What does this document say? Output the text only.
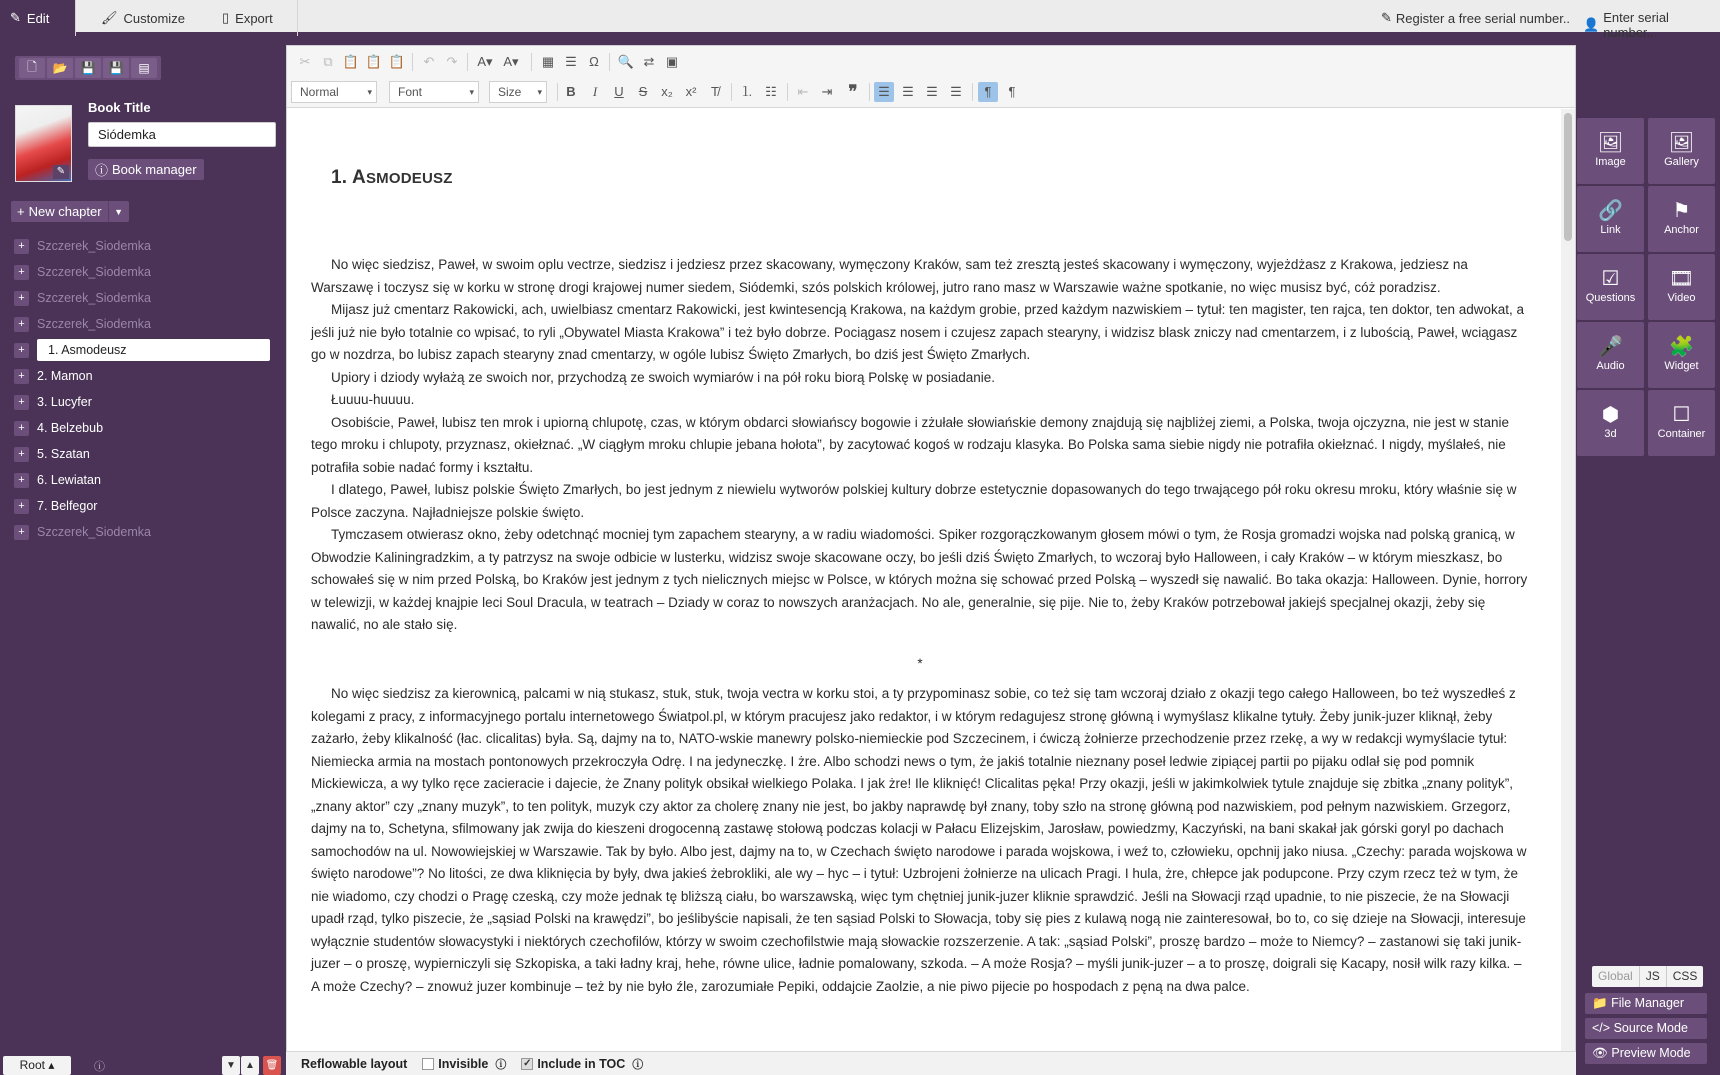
✎ Edit	🖌 Customize	▯ Export	✎ Register a free serial number.. 👤 Enter serial number..
🗋	📂	💾	💾	▤
✎
Book Title
Siódemka
ⓘ Book manager
+ New chapter	▼
+ Szczerek_Siodemka
+ Szczerek_Siodemka
+ Szczerek_Siodemka
+ Szczerek_Siodemka
+	1. Asmodeusz
+ 2. Mamon
+ 3. Lucyfer
+ 4. Belzebub
+ 5. Szatan
+ 6. Lewiatan
+ 7. Belfegor
+ Szczerek_Siodemka
Root ▴	ⓘ	▼ ▲	🗑
✂ ⧉ 📋 📋 📋	↶ ↷	A▾ A▾ ▦ ☰ Ω	🔍 ⇄ ▣
Normal ▾	Font ▾	Size ▾	B	I	U	S	x₂ x²	T̸	⒈ ☷	⇤	⇥ ❞	☰ ☰ ☰ ☰	¶	¶
1. ASMODEUSZ

No więc siedzisz, Paweł, w swoim oplu vectrze, siedzisz i jedziesz przez skacowany, wymęczony Kraków, sam też zresztą jesteś skacowany i wymęczony, wyjeżdżasz z Krakowa, jedziesz na Warszawę i toczysz się w korku w stronę drogi krajowej numer siedem, Siódemki, szós polskich królowej, jutro rano masz w Warszawie ważne spotkanie, no więc musisz być, cóż poradzisz.

Mijasz już cmentarz Rakowicki, ach, uwielbiasz cmentarz Rakowicki, jest kwintesencją Krakowa, na każdym grobie, przed każdym nazwiskiem – tytuł: ten magister, ten rajca, ten doktor, ten adwokat, a jeśli już nie było totalnie co wpisać, to ryli „Obywatel Miasta Krakowa” i też było dobrze. Pociągasz nosem i czujesz zapach stearyny, i widzisz blask zniczy nad cmentarzem, i z lubością, Paweł, wciągasz go w nozdrza, bo lubisz zapach stearyny znad cmentarzy, w ogóle lubisz Święto Zmarłych, bo dziś jest Święto Zmarłych.

Upiory i dziody wyłażą ze swoich nor, przychodzą ze swoich wymiarów i na pół roku biorą Polskę w posiadanie.

Łuuuu-huuuu.

Osobiście, Paweł, lubisz ten mrok i upiorną chlupotę, czas, w którym obdarci słowiańscy bogowie i zżułałe słowiańskie demony znajdują się najbliżej ziemi, a Polska, twoja ojczyzna, nie jest w stanie tego mroku i chlupoty, przyznasz, okiełznać. „W ciągłym mroku chlupie jebana hołota”, by zacytować kogoś w rodzaju klasyka. Bo Polska sama siebie nigdy nie potrafiła okiełznać. I nigdy, myślałeś, nie potrafiła sobie nadać formy i kształtu.

I dlatego, Paweł, lubisz polskie Święto Zmarłych, bo jest jednym z niewielu wytworów polskiej kultury dobrze estetycznie dopasowanych do tego trwającego pół roku okresu mroku, który właśnie się w Polsce zaczyna. Najładniejsze polskie święto.

Tymczasem otwierasz okno, żeby odetchnąć mocniej tym zapachem stearyny, a w radiu wiadomości. Spiker rozgorączkowanym głosem mówi o tym, że Rosja gromadzi wojska nad polską granicą, w Obwodzie Kaliningradzkim, a ty patrzysz na swoje odbicie w lusterku, widzisz swoje skacowane oczy, bo jeśli dziś Święto Zmarłych, to wczoraj było Halloween, i cały Kraków – w którym mieszkasz, bo schowałeś się w nim przed Polską, bo Kraków jest jednym z tych nielicznych miejsc w Polsce, w których można się schować przed Polską – wyszedł się nawalić. Bo taka okazja: Halloween. Dynie, horrory w telewizji, w każdej knajpie leci Soul Dracula, w teatrach – Dziady w coraz to nowszych aranżacjach. No ale, generalnie, się pije. Nie to, żeby Kraków potrzebował jakiejś specjalnej okazji, żeby się nawalić, no ale stało się.

*

No więc siedzisz za kierownicą, palcami w nią stukasz, stuk, stuk, twoja vectra w korku stoi, a ty przypominasz sobie, co też się tam wczoraj działo z okazji tego całego Halloween, bo też wyszedłeś z kolegami z pracy, z informacyjnego portalu internetowego Światpol.pl, w którym pracujesz jako redaktor, i w którym redagujesz stronę główną i wymyślasz klikalne tytuły. Żeby junik-juzer kliknął, żeby zażarło, żeby klikalność (łac. clicalitas) była. Są, dajmy na to, NATO-wskie manewry polsko-niemieckie pod Szczecinem, i ćwiczą żołnierze przechodzenie przez rzekę, a wy w redakcji wymyślacie tytuł: Niemiecka armia na mostach pontonowych przekroczyła Odrę. I na jedyneczkę. I żre. Albo schodzi news o tym, że jakiś totalnie nieznany poseł ledwie zipiącej partii po pijaku odlał się pod pomnik Mickiewicza, a wy tylko ręce zacieracie i dajecie, że Znany polityk obsikał wielkiego Polaka. I jak żre! Ile kliknięć! Clicalitas pęka! Przy okazji, jeśli w jakimkolwiek tytule znajduje się zbitka „znany polityk”, „znany aktor” czy „znany muzyk”, to ten polityk, muzyk czy aktor za cholerę znany nie jest, bo jakby naprawdę był znany, toby szło na stronę główną pod nazwiskiem, pod pełnym nazwiskiem. Grzegorz, dajmy na to, Schetyna, sfilmowany jak zwija do kieszeni drogocenną zastawę stołową podczas kolacji w Pałacu Elizejskim, Jarosław, powiedzmy, Kaczyński, na bani skakał jak górski goryl po dachach samochodów na ul. Nowowiejskiej w Warszawie. Tak by było. Albo jest, dajmy na to, w Czechach święto narodowe i parada wojskowa, i weź to, człowieku, opchnij jako niusa. „Czechy: parada wojskowa w święto narodowe”? No litości, ze dwa kliknięcia by były, dwa jakieś żebrokliki, ale wy – hyc – i tytuł: Uzbrojeni żołnierze na ulicach Pragi. I hula, żre, chłepce jak podupcone. Przy czym rzecz też w tym, że nie wiadomo, czy chodzi o Pragę czeską, czy może jednak tę bliższą ciału, bo warszawską, więc tym chętniej junik-juzer kliknie sprawdzić. Jeśli na Słowacji rząd upadnie, to nie piszecie, że na Słowacji upadł rząd, tylko piszecie, że „sąsiad Polski na krawędzi”, bo jeślibyście napisali, że ten sąsiad Polski to Słowacja, toby się pies z kulawą nogą nie zainteresował, bo to, co się dzieje na Słowacji, interesuje wyłącznie studentów słowacystyki i niektórych czechofilów, którzy w swoim czechofilstwie mają słowackie rozszerzenie. A tak: „sąsiad Polski”, proszę bardzo – może to Niemcy? – zastanowi się taki junik-juzer – o proszę, wypierniczyli się Szkopiska, a taki ładny kraj, hehe, równe ulice, ładnie pomalowany, szkoda. – A może Rosja? – myśli junik-juzer – a to proszę, doigrali się Kacapy, nosił wilk razy kilka. – A może Czechy? – znowuż juzer kombinuje – też by nie było źle, zarozumiałe Pepiki, oddajcie Zaolzie, a nie piwo pijecie po hospodach z pęną na dwa palce.

Reflowable layout Invisible ⓘ ✓ Include in TOC ⓘ
🖼
Image
🖼
Gallery
🔗
Link
⚑
Anchor
☑
Questions
🎞
Video
🎤
Audio
🧩
Widget
⬢
3d
☐
Container
Global	JS	CSS
📁 File Manager
</> Source Mode
👁 Preview Mode
